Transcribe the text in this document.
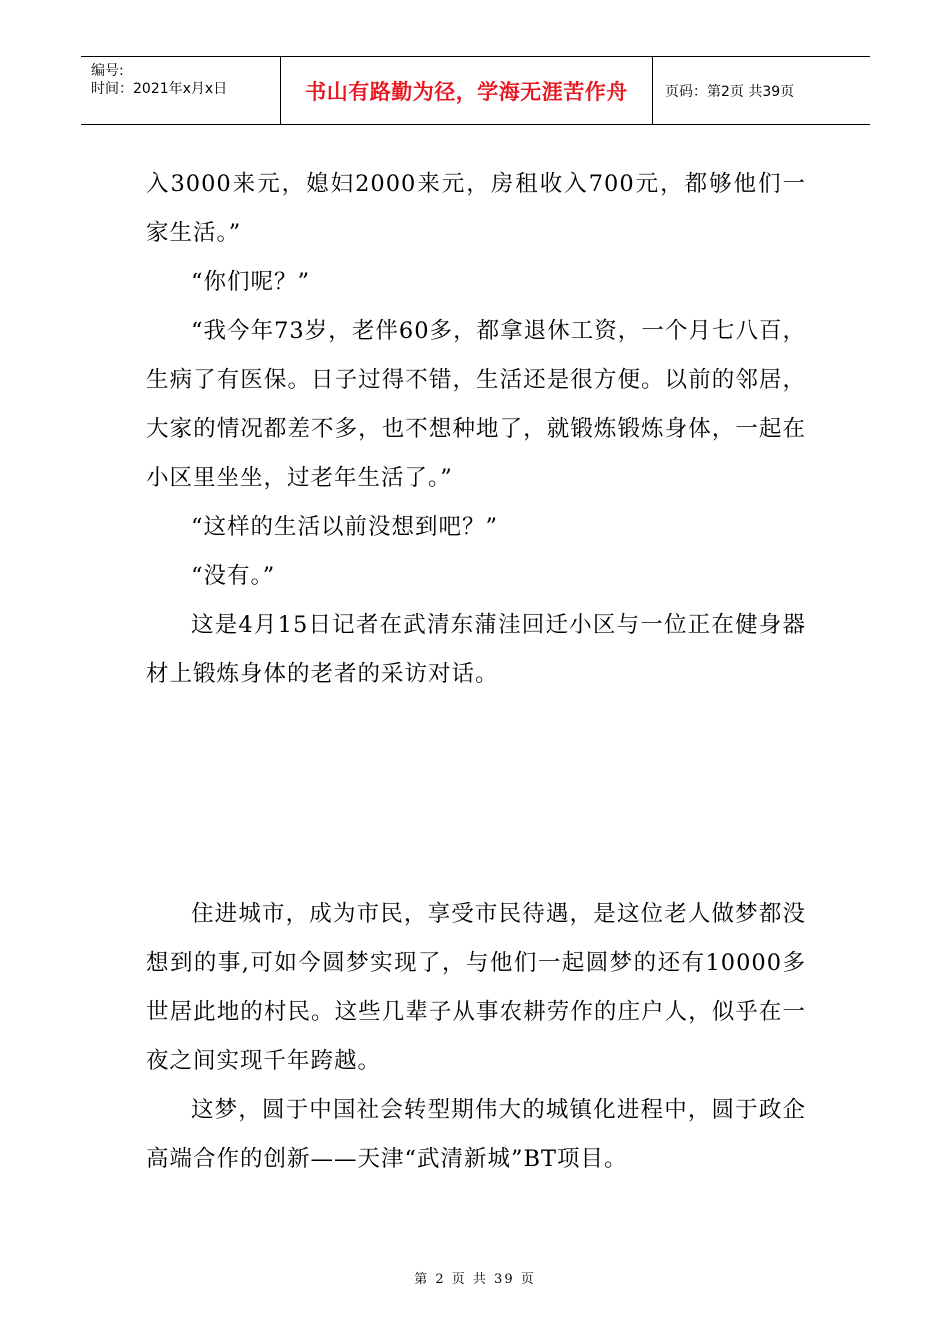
编号:
时间：2021年x月x日	书山有路勤为径，学海无涯苦作舟	页码：第2页 共39页

入3000来元，媳妇2000来元，房租收入700元，都够他们一家生活。”

“你们呢？”

“我今年73岁，老伴60多，都拿退休工资，一个月七八百，生病了有医保。日子过得不错，生活还是很方便。以前的邻居，大家的情况都差不多，也不想种地了，就锻炼锻炼身体，一起在小区里坐坐，过老年生活了。”

“这样的生活以前没想到吧？”

“没有。”

这是4月15日记者在武清东蒲洼回迁小区与一位正在健身器材上锻炼身体的老者的采访对话。

住进城市，成为市民，享受市民待遇，是这位老人做梦都没想到的事,可如今圆梦实现了，与他们一起圆梦的还有10000多世居此地的村民。这些几辈子从事农耕劳作的庄户人，似乎在一夜之间实现千年跨越。

这梦，圆于中国社会转型期伟大的城镇化进程中，圆于政企高端合作的创新——天津“武清新城”BT项目。

第 2 页 共 39 页
